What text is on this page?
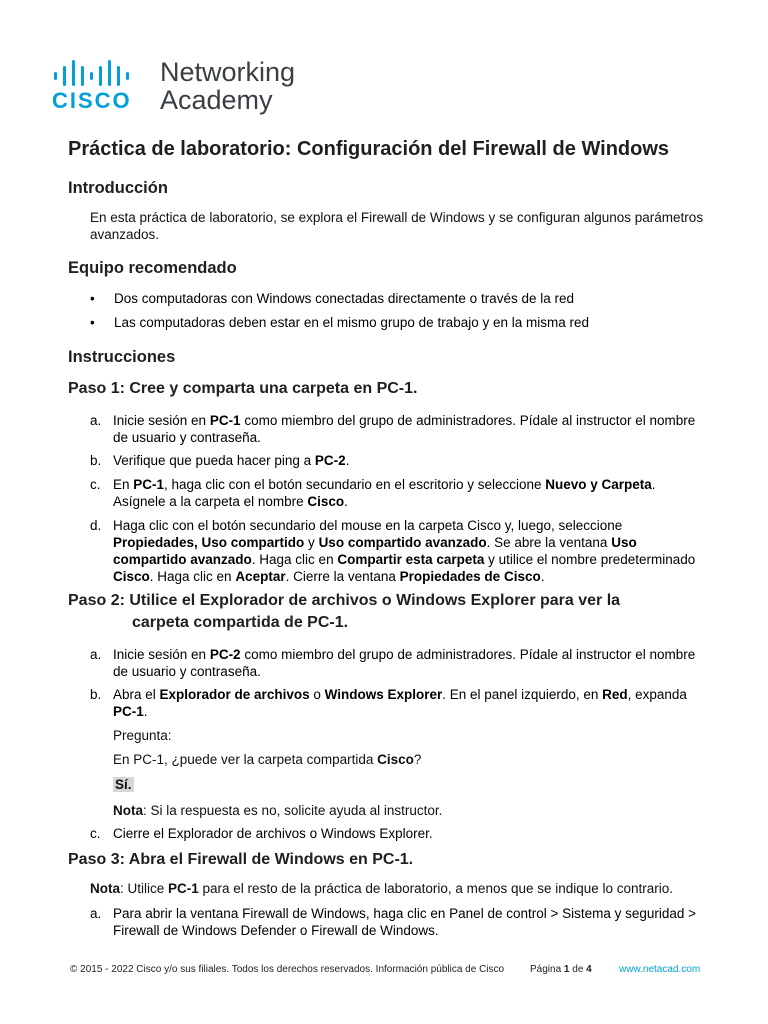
CISCO
Networking
Academy
Práctica de laboratorio: Configuración del Firewall de Windows
Introducción
En esta práctica de laboratorio, se explora el Firewall de Windows y se configuran algunos parámetros avanzados.
Equipo recomendado
• Dos computadoras con Windows conectadas directamente o través de la red
• Las computadoras deben estar en el mismo grupo de trabajo y en la misma red
Instrucciones
Paso 1: Cree y comparta una carpeta en PC-1.
a. Inicie sesión en PC-1 como miembro del grupo de administradores. Pídale al instructor el nombre de usuario y contraseña.
b. Verifique que pueda hacer ping a PC-2.
c. En PC-1, haga clic con el botón secundario en el escritorio y seleccione Nuevo y Carpeta. Asígnele a la carpeta el nombre Cisco.
d. Haga clic con el botón secundario del mouse en la carpeta Cisco y, luego, seleccione Propiedades, Uso compartido y Uso compartido avanzado. Se abre la ventana Uso compartido avanzado. Haga clic en Compartir esta carpeta y utilice el nombre predeterminado Cisco. Haga clic en Aceptar. Cierre la ventana Propiedades de Cisco.
Paso 2: Utilice el Explorador de archivos o Windows Explorer para ver la
carpeta compartida de PC-1.
a. Inicie sesión en PC-2 como miembro del grupo de administradores. Pídale al instructor el nombre de usuario y contraseña.
b. Abra el Explorador de archivos o Windows Explorer. En el panel izquierdo, en Red, expanda PC-1.
Pregunta:
En PC-1, ¿puede ver la carpeta compartida Cisco?
Sí.
Nota: Si la respuesta es no, solicite ayuda al instructor.
c. Cierre el Explorador de archivos o Windows Explorer.
Paso 3: Abra el Firewall de Windows en PC-1.
Nota: Utilice PC-1 para el resto de la práctica de laboratorio, a menos que se indique lo contrario.
a. Para abrir la ventana Firewall de Windows, haga clic en Panel de control > Sistema y seguridad > Firewall de Windows Defender o Firewall de Windows.
© 2015 - 2022 Cisco y/o sus filiales. Todos los derechos reservados. Información pública de Cisco	Página 1 de 4	www.netacad.com
